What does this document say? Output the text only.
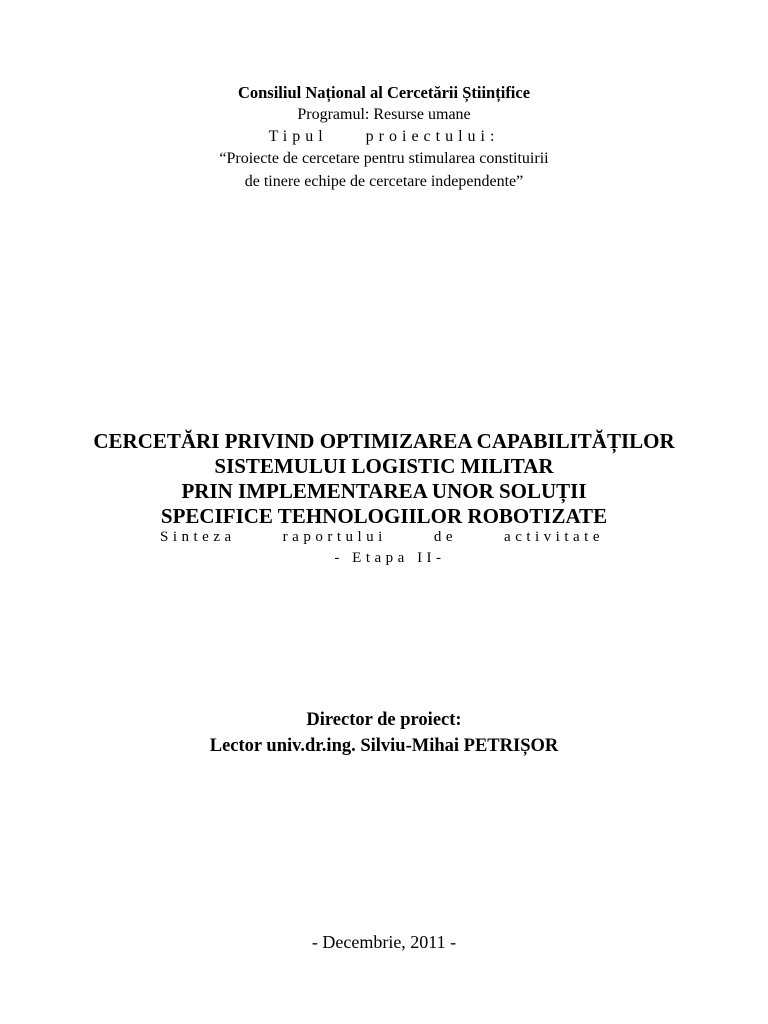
Consiliul Național al Cercetării Științifice
Programul: Resurse umane
Tipul proiectului:
“Proiecte de cercetare pentru stimularea constituirii
de tinere echipe de cercetare independente”
CERCETĂRI PRIVIND OPTIMIZAREA CAPABILITĂȚILOR
SISTEMULUI LOGISTIC MILITAR
PRIN IMPLEMENTAREA UNOR SOLUȚII
SPECIFICE TEHNOLOGIILOR ROBOTIZATE
Sinteza	raportului	de	activitate
- Etapa II-
Director de proiect:
Lector univ.dr.ing. Silviu-Mihai PETRIȘOR
- Decembrie, 2011 -
